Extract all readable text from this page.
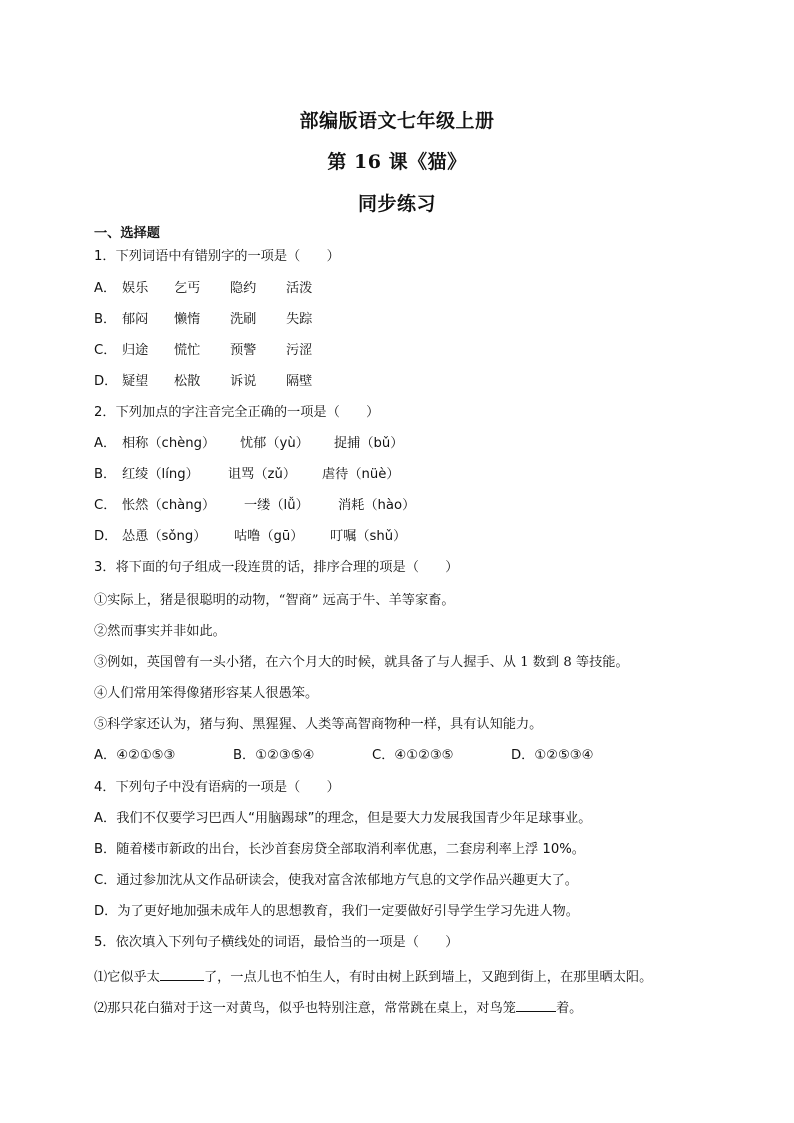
部编版语文七年级上册
第 16 课《猫》
同步练习
一、选择题
1．下列词语中有错别字的一项是（　　）
A． 娱乐 乞丐 隐约 活泼
B． 郁闷 懒惰 洗刷 失踪
C． 归途 慌忙 预警 污涩
D． 疑望 松散 诉说 隔壁
2．下列加点的字注音完全正确的一项是（　　）
A． 相称（chèng） 忧郁（yù） 捉捕（bǔ）
B． 红绫（líng） 诅骂（zǔ） 虐待（nüè）
C． 怅然（chàng） 一缕（lǚ） 消耗（hào）
D． 怂恿（sǒng） 咕噜（gū） 叮嘱（shǔ）
3．将下面的句子组成一段连贯的话，排序合理的项是（　　）
①实际上，猪是很聪明的动物，“智商” 远高于牛、羊等家畜。
②然而事实并非如此。
③例如，英国曾有一头小猪，在六个月大的时候，就具备了与人握手、从 1 数到 8 等技能。
④人们常用笨得像猪形容某人很愚笨。
⑤科学家还认为，猪与狗、黑猩猩、人类等高智商物种一样，具有认知能力。
A．④②①⑤③	B．①②③⑤④	C．④①②③⑤	D．①②⑤③④
4．下列句子中没有语病的一项是（　　）
A．我们不仅要学习巴西人“用脑踢球”的理念，但是要大力发展我国青少年足球事业。
B．随着楼市新政的出台，长沙首套房贷全部取消利率优惠，二套房利率上浮 10%。
C．通过参加沈从文作品研读会，使我对富含浓郁地方气息的文学作品兴趣更大了。
D．为了更好地加强未成年人的思想教育，我们一定要做好引导学生学习先进人物。
5．依次填入下列句子横线处的词语，最恰当的一项是（　　）
⑴它似乎太	了，一点儿也不怕生人，有时由树上跃到墙上，又跑到街上，在那里晒太阳。
⑵那只花白猫对于这一对黄鸟，似乎也特别注意，常常跳在桌上，对鸟笼	着。
